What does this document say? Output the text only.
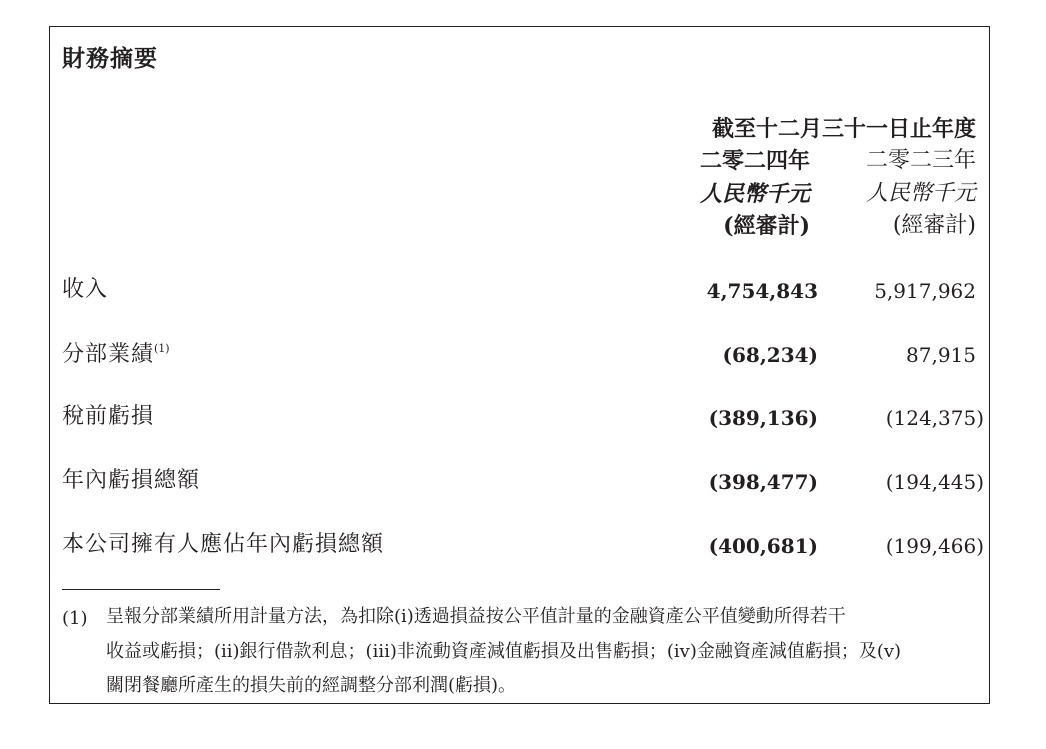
財務摘要
截至十二月三十一日止年度
二零二四年	二零二三年
人民幣千元	人民幣千元
(經審計)	(經審計)
收入	4,754,843	5,917,962
分部業績$^{(1)}$	(68,234)	87,915
稅前虧損	(389,136)	(124,375)
年內虧損總額	(398,477)	(194,445)
本公司擁有人應佔年內虧損總額	(400,681)	(199,466)
(1) 呈報分部業績所用計量方法，為扣除(i)透過損益按公平值計量的金融資產公平值變動所得若干
收益或虧損；(ii)銀行借款利息；(iii)非流動資產減值虧損及出售虧損；(iv)金融資產減值虧損；及(v)
關閉餐廳所產生的損失前的經調整分部利潤(虧損)。
